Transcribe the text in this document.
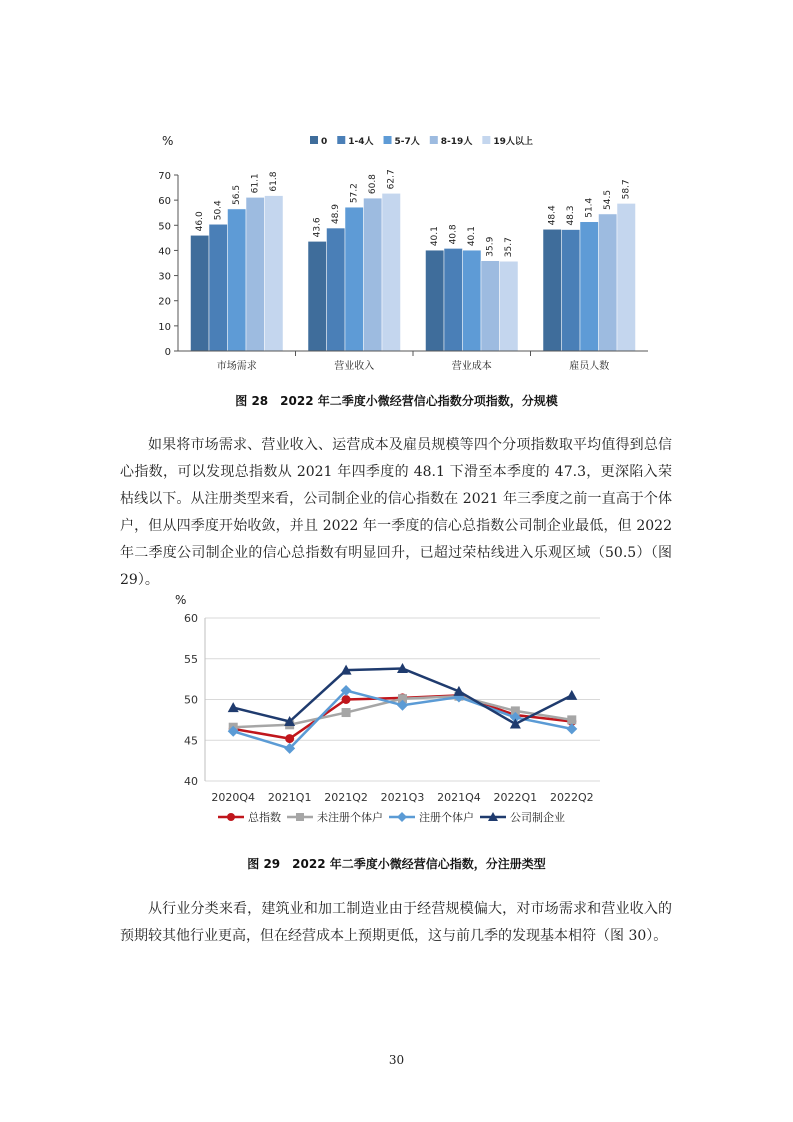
0 1-4人 5-7人 8-19人 19人以上
%
46.0
50.4
56.5
61.1 61.8
43.6
48.9
57.2 60.8 62.7
40.1 40.8 40.1
35.9 35.7
48.4 48.3 51.4 54.5
58.7
0
10
20
30
40
50
60
70
市场需求	营业收入	营业成本	雇员人数
图 28　2022 年二季度小微经营信心指数分项指数，分规模

如果将市场需求、营业收入、运营成本及雇员规模等四个分项指数取平均值得到总信心指数，可以发现总指数从 2021 年四季度的 48.1 下滑至本季度的 47.3，更深陷入荣枯线以下。从注册类型来看，公司制企业的信心指数在 2021 年三季度之前一直高于个体户，但从四季度开始收敛，并且 2022 年一季度的信心总指数公司制企业最低，但 2022 年二季度公司制企业的信心总指数有明显回升，已超过荣枯线进入乐观区域（50.5）（图 29）。

%
40
45
50
55
60
2020Q4 2021Q1 2021Q2 2021Q3 2021Q4 2022Q1 2022Q2
总指数	未注册个体户	注册个体户	公司制企业
图 29　2022 年二季度小微经营信心指数，分注册类型

从行业分类来看，建筑业和加工制造业由于经营规模偏大，对市场需求和营业收入的预期较其他行业更高，但在经营成本上预期更低，这与前几季的发现基本相符（图 30）。

30
